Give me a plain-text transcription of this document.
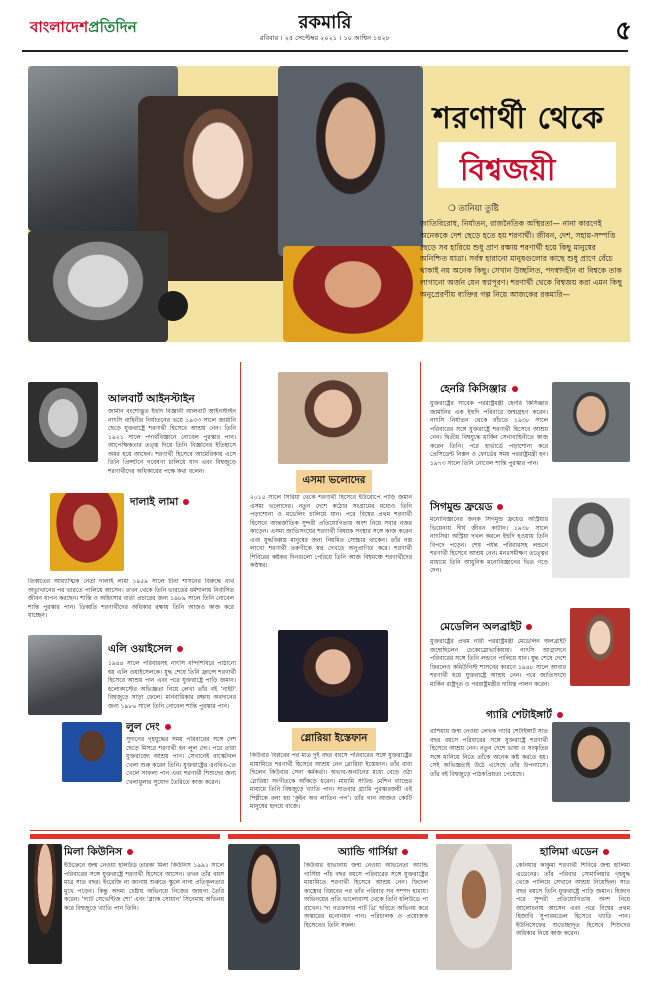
বাংলাদেশপ্রতিদিন	রকমারি
রবিবার । ২৫ সেপ্টেম্বর ২০২১ । ১০ আশ্বিন ১৪২৮	৫
শরণার্থী থেকে
বিশ্বজয়ী
❍ তানিয়া তুষ্টি
জাতিবিরোধ, নির্যাতন, রাজনৈতিক অস্থিরতা— নানা কারণেই অনেককে দেশ ছেড়ে হতে হয় শরণার্থী। জীবন, দেশ, সহায়-সম্পত্তি ছেড়ে সব হারিয়ে শুধু প্রাণ রক্ষায় শরণার্থী হয়ে কিছু মানুষের অনিশ্চিত যাত্রা। সর্বস্ব হারানো মানুষগুলোর কাছে শুধু প্রাণে বেঁচে থাকাই নয় অনেক কিছু। সেখান উচ্ছলিত, পদস্বাদহীন বা বিশ্বকে তাক লাগানো অর্জন যেন স্বপ্নপূরণ। শরণার্থী থেকে বিশ্বজয় করা এমন কিছু অনুপ্রেরণীয় ব্যক্তির গল্প নিয়ে আজকের রকমারি—
আলবার্ট আইনস্টাইন
জার্মান বংশোদ্ভূত ইহুদি বিজ্ঞানী আলবার্ট আইনস্টাইন নাৎসি বাহিনীর নির্যাতনের ভয়ে ১৯৩৩ সালে জার্মানি ছেড়ে যুক্তরাষ্ট্রে শরণার্থী হিসেবে আশ্রয় নেন। তিনি ১৯২১ সালে পদার্থবিজ্ঞানে নোবেল পুরস্কার পান। আপেক্ষিকতার তত্ত্ব দিয়ে তিনি বিজ্ঞানের ইতিহাসে অমর হয়ে আছেন। শরণার্থী হিসেবে আমেরিকায় এসে তিনি প্রিন্সটনে গবেষণা চালিয়ে যান এবং বিশ্বজুড়ে শরণার্থীদের অধিকারের পক্ষে কথা বলেন।
দালাই লামা
তিব্বতের আধ্যাত্মিক নেতা দালাই লামা ১৯৫৯ সালে চীনা শাসনের বিরুদ্ধে ব্যর্থ অভ্যুত্থানের পর ভারতে পালিয়ে আসেন। তখন থেকে তিনি ভারতের ধর্মশালায় নির্বাসিত জীবন যাপন করছেন। শান্তি ও অহিংসার বার্তা প্রচারের জন্য ১৯৮৯ সালে তিনি নোবেল শান্তি পুরস্কার পান। তিব্বতি শরণার্থীদের অধিকার রক্ষায় তিনি আজও কাজ করে যাচ্ছেন।
এলি ওয়াইসেল
১৯৪৪ সালে পরিবারসহ নাৎসি বন্দিশিবিরে পাঠানো হয় এলি ওয়াইসেলকে। যুদ্ধ শেষে তিনি ফ্রান্সে শরণার্থী হিসেবে আশ্রয় পান এবং পরে যুক্তরাষ্ট্রে পাড়ি জমান। হলোকাস্টের অভিজ্ঞতা নিয়ে লেখা তাঁর বই ‘নাইট’ বিশ্বজুড়ে সাড়া ফেলে। মানবাধিকার রক্ষায় অবদানের জন্য ১৯৮৬ সালে তিনি নোবেল শান্তি পুরস্কার পান।
লুল দেং
সুদানের গৃহযুদ্ধের সময় পরিবারের সঙ্গে দেশ ছেড়ে মিসরে শরণার্থী হন লুল দেং। পরে তারা যুক্তরাজ্যে আশ্রয় পান। সেখানেই বাস্কেটবল খেলা শুরু করেন তিনি। যুক্তরাষ্ট্রের এনবিএ-তে খেলে সাফল্য পান এবং শরণার্থী শিশুদের জন্য খেলাধুলার সুযোগ তৈরিতে কাজ করেন।
এসমা ভলোদের
২০১৫ সালে সিরিয়া থেকে শরণার্থী হিসেবে ইউরোপে পাড়ি জমান এসমা ভলোদের। নতুন দেশে কঠোর সংগ্রামের মধ্যেও তিনি পড়াশোনা ও মডেলিং চালিয়ে যান। পরে বিশ্বের প্রথম শরণার্থী হিসেবে আন্তর্জাতিক সুন্দরী প্রতিযোগিতায় অংশ নিয়ে সবার নজর কাড়েন। এসমা জাতিসংঘের শরণার্থী বিষয়ক সংস্থার সঙ্গে কাজ করেন এবং যুদ্ধবিধ্বস্ত মানুষের জন্য নিয়মিত সোচ্চার থাকেন। তাঁর গল্প লাখো শরণার্থী তরুণীকে স্বপ্ন দেখতে অনুপ্রাণিত করে। শরণার্থী শিবিরের কষ্টকর দিনগুলো পেরিয়ে তিনি আজ বিশ্বমঞ্চে শরণার্থীদের কণ্ঠস্বর।
গ্লোরিয়া ইস্তেফান
কিউবার বিপ্লবের পর মাত্র দুই বছর বয়সে পরিবারের সঙ্গে যুক্তরাষ্ট্রের মায়ামিতে শরণার্থী হিসেবে আশ্রয় নেন গ্লোরিয়া ইস্তেফান। তাঁর বাবা ছিলেন কিউবার সেনা কর্মকর্তা। অভাব-অনটনের মধ্যে বেড়ে ওঠা গ্লোরিয়া সংগীতকে আঁকড়ে ধরেন। মায়ামি সাউন্ড মেশিন ব্যান্ডের মাধ্যমে তিনি বিশ্বজুড়ে খ্যাতি পান। সাতবার গ্র্যামি পুরস্কারজয়ী এই শিল্পীকে বলা হয় ‘কুইন অব লাতিন পপ’। তাঁর গান আজও কোটি মানুষের হৃদয়ে বাজে।
হেনরি কিসিঞ্জার
যুক্তরাষ্ট্রের সাবেক পররাষ্ট্রমন্ত্রী হেনরি কিসিঞ্জার জার্মানির এক ইহুদি পরিবারে জন্মগ্রহণ করেন। নাৎসি নির্যাতন থেকে বাঁচতে ১৯৩৮ সালে পরিবারের সঙ্গে যুক্তরাষ্ট্রে শরণার্থী হিসেবে আশ্রয় নেন। দ্বিতীয় বিশ্বযুদ্ধে মার্কিন সেনাবাহিনীতে কাজ করেন তিনি। পরে হার্ভার্ডে পড়াশোনা করে প্রেসিডেন্ট নিক্সন ও ফোর্ডের সময় পররাষ্ট্রমন্ত্রী হন। ১৯৭৩ সালে তিনি নোবেল শান্তি পুরস্কার পান।
সিগমুন্ড ফ্রয়েড
মনোবিজ্ঞানের জনক সিগমুন্ড ফ্রয়েড অস্ট্রিয়ার ভিয়েনায় দীর্ঘ জীবন কাটান। ১৯৩৮ সালে নাৎসিরা অস্ট্রিয়া দখল করলে ইহুদি হওয়ায় তিনি বিপদে পড়েন। শেষ পর্যন্ত পরিবারসহ লন্ডনে শরণার্থী হিসেবে আশ্রয় নেন। মনঃসমীক্ষণ তত্ত্বের মাধ্যমে তিনি আধুনিক মনোবিজ্ঞানের ভিত গড়ে দেন।
মেডেলিন অলব্রাইট
যুক্তরাষ্ট্রের প্রথম নারী পররাষ্ট্রমন্ত্রী মেডেলিন অলব্রাইট জন্মেছিলেন চেকোস্লোভাকিয়ায়। নাৎসি আগ্রাসনে পরিবারের সঙ্গে তিনি লন্ডনে পালিয়ে যান। যুদ্ধ শেষে দেশে ফিরলেও কমিউনিস্ট শাসনের কারণে ১৯৪৮ সালে আবার শরণার্থী হয়ে যুক্তরাষ্ট্রে আশ্রয় নেন। পরে জাতিসংঘে মার্কিন রাষ্ট্রদূত ও পররাষ্ট্রমন্ত্রীর দায়িত্ব পালন করেন।
গ্যারি শেটাইঙ্গার্ট
রাশিয়ায় জন্ম নেওয়া লেখক গ্যারি শেটাইঙ্গার্ট সাত বছর বয়সে পরিবারের সঙ্গে যুক্তরাষ্ট্রে শরণার্থী হিসেবে আশ্রয় নেন। নতুন দেশে ভাষা ও সংস্কৃতির সঙ্গে মানিয়ে নিতে তাঁকে অনেক কষ্ট করতে হয়। সেই অভিজ্ঞতাই উঠে এসেছে তাঁর উপন্যাসে। তাঁর বই বিশ্বজুড়ে পাঠকপ্রিয়তা পেয়েছে।
মিলা কিউনিস
ইউক্রেনে জন্ম নেওয়া হলিউড তারকা মিলা কিউনিস ১৯৯১ সালে পরিবারের সঙ্গে যুক্তরাষ্ট্রে শরণার্থী হিসেবে আসেন। তখন তাঁর বয়স মাত্র সাত বছর। ইংরেজি না জানায় শুরুতে স্কুলে নানা প্রতিকূলতার মুখে পড়েন। কিন্তু অদম্য চেষ্টায় অভিনয়ে নিজের জায়গা তৈরি করেন। ‘দ্যাট সেভেন্টিজ শো’ এবং ‘ব্ল্যাক সোয়ান’ সিনেমায় অভিনয় করে বিশ্বজুড়ে খ্যাতি পান তিনি।
অ্যান্ডি গার্সিয়া
কিউবার হাভানায় জন্ম নেওয়া অভিনেতা অ্যান্ডি গার্সিয়া পাঁচ বছর বয়সে পরিবারের সঙ্গে যুক্তরাষ্ট্রের মায়ামিতে শরণার্থী হিসেবে আশ্রয় নেন। ফিদেল কাস্ত্রোর বিপ্লবের পর তাঁর পরিবার সব সম্পদ হারায়। অভিনয়ের প্রতি ভালোবাসা থেকে তিনি হলিউডে পা রাখেন। ‘দ্য গডফাদার পার্ট থ্রি’ ছবিতে অভিনয় করে অস্কারের মনোনয়ন পান। পরিচালক ও প্রযোজক হিসেবেও তিনি সফল।
হালিমা এডেন
কেনিয়ার কাকুমা শরণার্থী শিবিরে জন্ম হালিমা এডেনের। তাঁর পরিবার সোমালিয়ার গৃহযুদ্ধ থেকে পালিয়ে সেখানে আশ্রয় নিয়েছিল। সাত বছর বয়সে তিনি যুক্তরাষ্ট্রে পাড়ি জমান। হিজাব পরে সুন্দরী প্রতিযোগিতায় অংশ নিয়ে আলোচনায় আসেন এবং পরে বিশ্বের প্রথম হিজাবি সুপারমডেল হিসেবে খ্যাতি পান। ইউনিসেফের শুভেচ্ছাদূত হিসেবে শিশুদের অধিকার নিয়ে কাজ করেন।
